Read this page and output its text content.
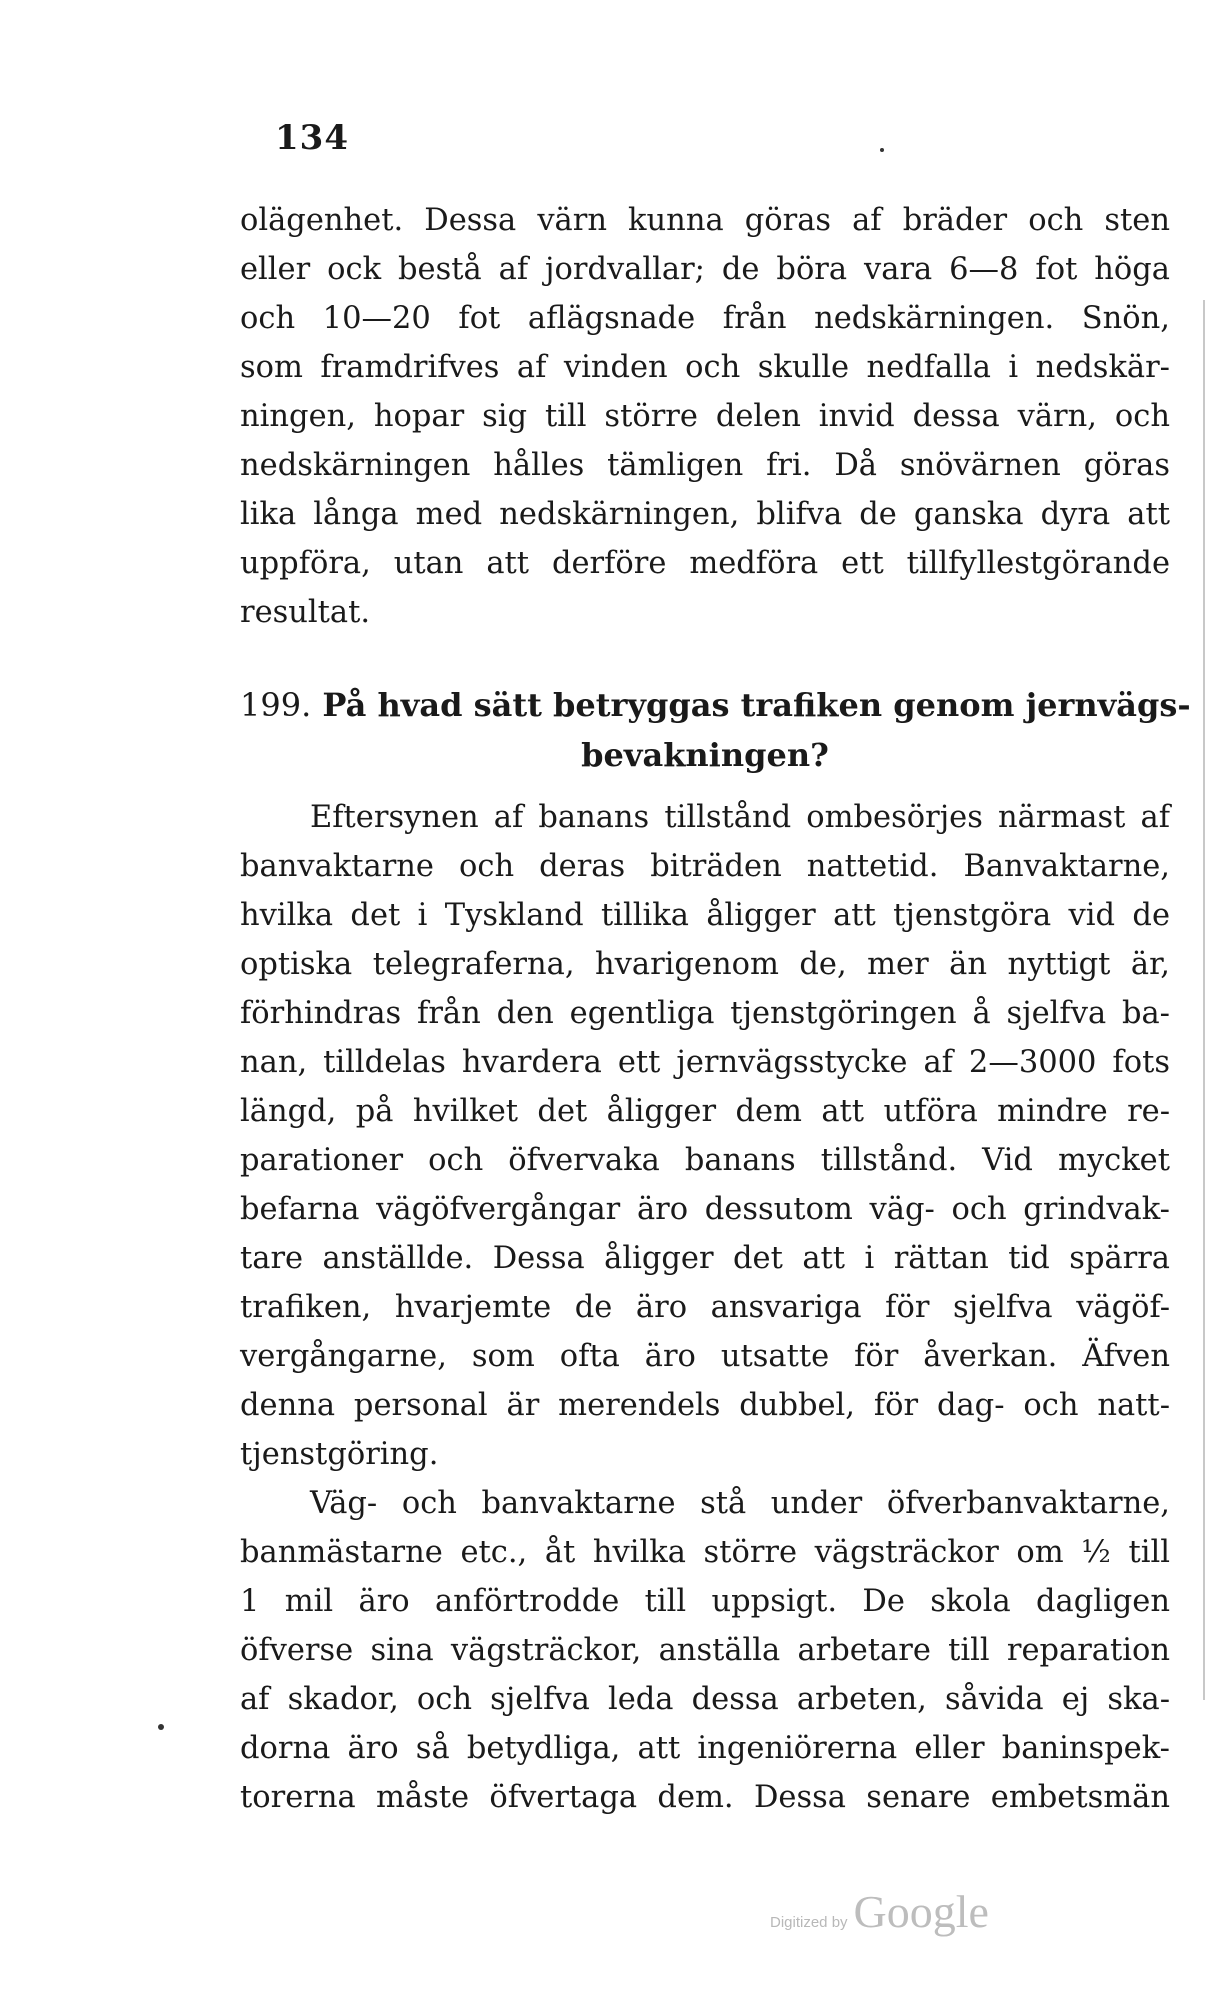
134
olägenhet. Dessa värn kunna göras af bräder och sten
eller ock bestå af jordvallar; de böra vara 6—8 fot höga
och 10—20 fot aflägsnade från nedskärningen. Snön,
som framdrifves af vinden och skulle nedfalla i nedskär-
ningen, hopar sig till större delen invid dessa värn, och
nedskärningen hålles tämligen fri. Då snövärnen göras
lika långa med nedskärningen, blifva de ganska dyra att
uppföra, utan att derföre medföra ett tillfyllestgörande
resultat.
199. På hvad sätt betryggas trafiken genom jernvägs-
bevakningen?
Eftersynen af banans tillstånd ombesörjes närmast af
banvaktarne och deras biträden nattetid. Banvaktarne,
hvilka det i Tyskland tillika åligger att tjenstgöra vid de
optiska telegraferna, hvarigenom de, mer än nyttigt är,
förhindras från den egentliga tjenstgöringen å sjelfva ba-
nan, tilldelas hvardera ett jernvägsstycke af 2—3000 fots
längd, på hvilket det åligger dem att utföra mindre re-
parationer och öfvervaka banans tillstånd. Vid mycket
befarna vägöfvergångar äro dessutom väg- och grindvak-
tare anställde. Dessa åligger det att i rättan tid spärra
trafiken, hvarjemte de äro ansvariga för sjelfva vägöf-
vergångarne, som ofta äro utsatte för åverkan. Äfven
denna personal är merendels dubbel, för dag- och natt-
tjenstgöring.
Väg- och banvaktarne stå under öfverbanvaktarne,
banmästarne etc., åt hvilka större vägsträckor om ½ till
1 mil äro anförtrodde till uppsigt. De skola dagligen
öfverse sina vägsträckor, anställa arbetare till reparation
af skador, och sjelfva leda dessa arbeten, såvida ej ska-
dorna äro så betydliga, att ingeniörerna eller baninspek-
torerna måste öfvertaga dem. Dessa senare embetsmän
Digitized by Google
